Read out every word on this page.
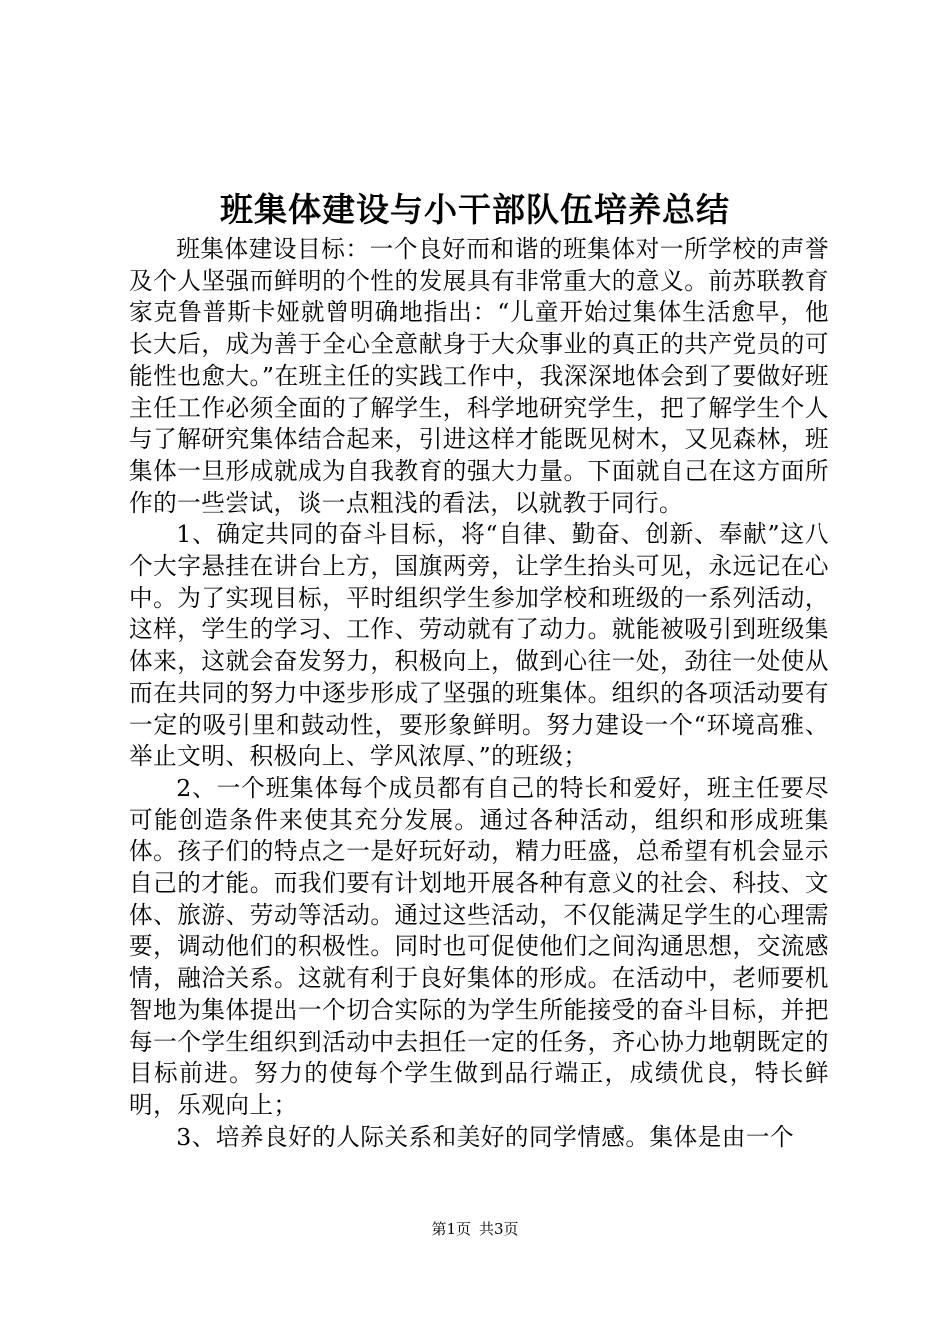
班集体建设与小干部队伍培养总结

班集体建设目标：一个良好而和谐的班集体对一所学校的声誉及个人坚强而鲜明的个性的发展具有非常重大的意义。前苏联教育家克鲁普斯卡娅就曾明确地指出：“儿童开始过集体生活愈早，他长大后，成为善于全心全意献身于大众事业的真正的共产党员的可能性也愈大。”在班主任的实践工作中，我深深地体会到了要做好班主任工作必须全面的了解学生，科学地研究学生，把了解学生个人与了解研究集体结合起来，引进这样才能既见树木，又见森林，班集体一旦形成就成为自我教育的强大力量。下面就自己在这方面所作的一些尝试，谈一点粗浅的看法，以就教于同行。

1、确定共同的奋斗目标，将“自律、勤奋、创新、奉献”这八个大字悬挂在讲台上方，国旗两旁，让学生抬头可见，永远记在心中。为了实现目标，平时组织学生参加学校和班级的一系列活动，这样，学生的学习、工作、劳动就有了动力。就能被吸引到班级集体来，这就会奋发努力，积极向上，做到心往一处，劲往一处使从而在共同的努力中逐步形成了坚强的班集体。组织的各项活动要有一定的吸引里和鼓动性，要形象鲜明。努力建设一个“环境高雅、举止文明、积极向上、学风浓厚、”的班级；

2、一个班集体每个成员都有自己的特长和爱好，班主任要尽可能创造条件来使其充分发展。通过各种活动，组织和形成班集体。孩子们的特点之一是好玩好动，精力旺盛，总希望有机会显示自己的才能。而我们要有计划地开展各种有意义的社会、科技、文体、旅游、劳动等活动。通过这些活动，不仅能满足学生的心理需要，调动他们的积极性。同时也可促使他们之间沟通思想，交流感情，融洽关系。这就有利于良好集体的形成。在活动中，老师要机智地为集体提出一个切合实际的为学生所能接受的奋斗目标，并把每一个学生组织到活动中去担任一定的任务，齐心协力地朝既定的目标前进。努力的使每个学生做到品行端正，成绩优良，特长鲜明，乐观向上；

3、培养良好的人际关系和美好的同学情感。集体是由一个

第1页 共3页
